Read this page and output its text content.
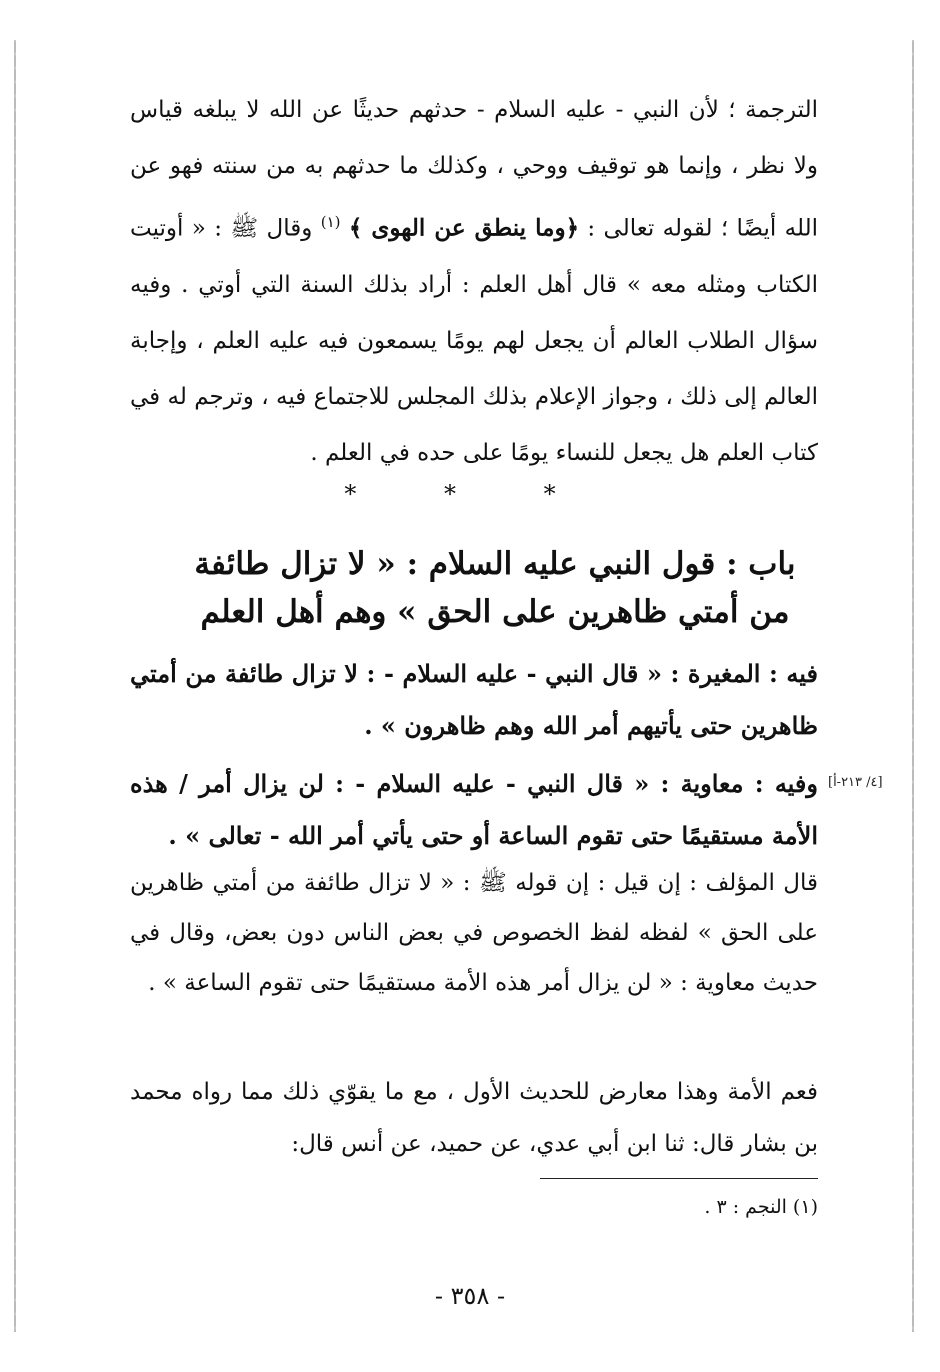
الترجمة ؛ لأن النبي - عليه السلام - حدثهم حديثًا عن الله لا يبلغه قياس ولا نظر ، وإنما هو توقيف ووحي ، وكذلك ما حدثهم به من سنته فهو عن الله أيضًا ؛ لقوله تعالى : ﴿وما ينطق عن الهوى ﴾ $^{(١)}$ وقال ﷺ : « أوتيت الكتاب ومثله معه » قال أهل العلم : أراد بذلك السنة التي أوتي . وفيه سؤال الطلاب العالم أن يجعل لهم يومًا يسمعون فيه عليه العلم ، وإجابة العالم إلى ذلك ، وجواز الإعلام بذلك المجلس للاجتماع فيه ، وترجم له في كتاب العلم هل يجعل للنساء يومًا على حده في العلم .

* * *
باب : قول النبي عليه السلام : « لا تزال طائفة من أمتي ظاهرين على الحق » وهم أهل العلم

فيه : المغيرة : « قال النبي - عليه السلام - : لا تزال طائفة من أمتي ظاهرين حتى يأتيهم أمر الله وهم ظاهرون » .

[٤/ ٢١٣-أ]

وفيه : معاوية : « قال النبي - عليه السلام - : لن يزال أمر / هذه الأمة مستقيمًا حتى تقوم الساعة أو حتى يأتي أمر الله - تعالى » .

قال المؤلف : إن قيل : إن قوله ﷺ : « لا تزال طائفة من أمتي ظاهرين على الحق » لفظه لفظ الخصوص في بعض الناس دون بعض، وقال في حديث معاوية : « لن يزال أمر هذه الأمة مستقيمًا حتى تقوم الساعة » .

فعم الأمة وهذا معارض للحديث الأول ، مع ما يقوّي ذلك مما رواه محمد بن بشار قال: ثنا ابن أبي عدي، عن حميد، عن أنس قال:

(١) النجم : ٣ .
- ٣٥٨ -
